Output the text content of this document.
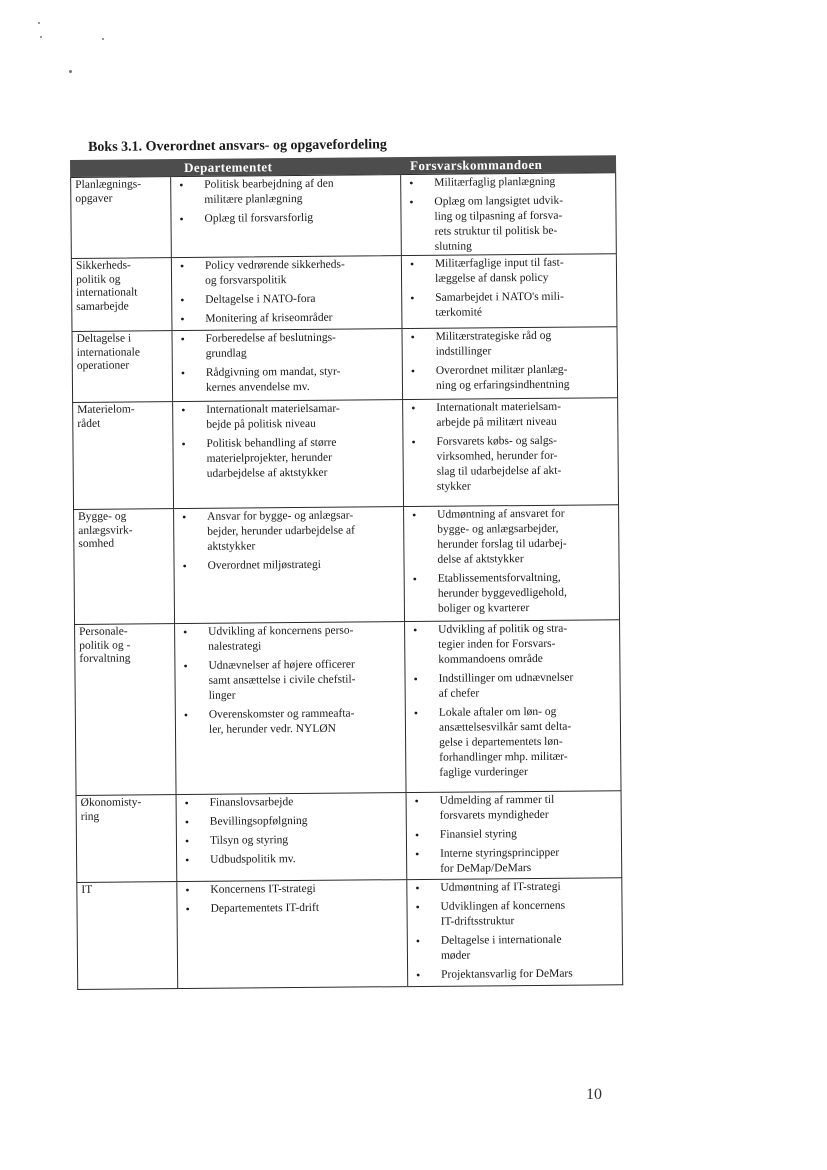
Boks 3.1. Overordnet ansvars- og opgavefordeling
Departementet	Forsvarskommandoen
Planlægnings-
opgaver
• Politisk bearbejdning af den
militære planlægning
• Oplæg til forsvarsforlig
• Militærfaglig planlægning
• Oplæg om langsigtet udvik-
ling og tilpasning af forsva-
rets struktur til politisk be-
slutning
Sikkerheds-
politik og
internationalt
samarbejde
• Policy vedrørende sikkerheds-
og forsvarspolitik
• Deltagelse i NATO-fora
• Monitering af kriseområder
• Militærfaglige input til fast-
læggelse af dansk policy
• Samarbejdet i NATO's mili-
tærkomité
Deltagelse i
internationale
operationer
• Forberedelse af beslutnings-
grundlag
• Rådgivning om mandat, styr-
kernes anvendelse mv.
• Militærstrategiske råd og
indstillinger
• Overordnet militær planlæg-
ning og erfaringsindhentning
Materielom-
rådet
• Internationalt materielsamar-
bejde på politisk niveau
• Politisk behandling af større
materielprojekter, herunder
udarbejdelse af aktstykker
• Internationalt materielsam-
arbejde på militært niveau
• Forsvarets købs- og salgs-
virksomhed, herunder for-
slag til udarbejdelse af akt-
stykker
Bygge- og
anlægsvirk-
somhed
• Ansvar for bygge- og anlægsar-
bejder, herunder udarbejdelse af
aktstykker
• Overordnet miljøstrategi
• Udmøntning af ansvaret for
bygge- og anlægsarbejder,
herunder forslag til udarbej-
delse af aktstykker
• Etablissementsforvaltning,
herunder byggevedligehold,
boliger og kvarterer
Personale-
politik og -
forvaltning
• Udvikling af koncernens perso-
nalestrategi
• Udnævnelser af højere officerer
samt ansættelse i civile chefstil-
linger
• Overenskomster og rammeafta-
ler, herunder vedr. NYLØN
• Udvikling af politik og stra-
tegier inden for Forsvars-
kommandoens område
• Indstillinger om udnævnelser
af chefer
• Lokale aftaler om løn- og
ansættelsesvilkår samt delta-
gelse i departementets løn-
forhandlinger mhp. militær-
faglige vurderinger
Økonomisty-
ring
• Finanslovsarbejde
• Bevillingsopfølgning
• Tilsyn og styring
• Udbudspolitik mv.
• Udmelding af rammer til
forsvarets myndigheder
• Finansiel styring
• Interne styringsprincipper
for DeMap/DeMars
IT	• Koncernens IT-strategi
• Departementets IT-drift
• Udmøntning af IT-strategi
• Udviklingen af koncernens
IT-driftsstruktur
• Deltagelse i internationale
møder
• Projektansvarlig for DeMars
10
